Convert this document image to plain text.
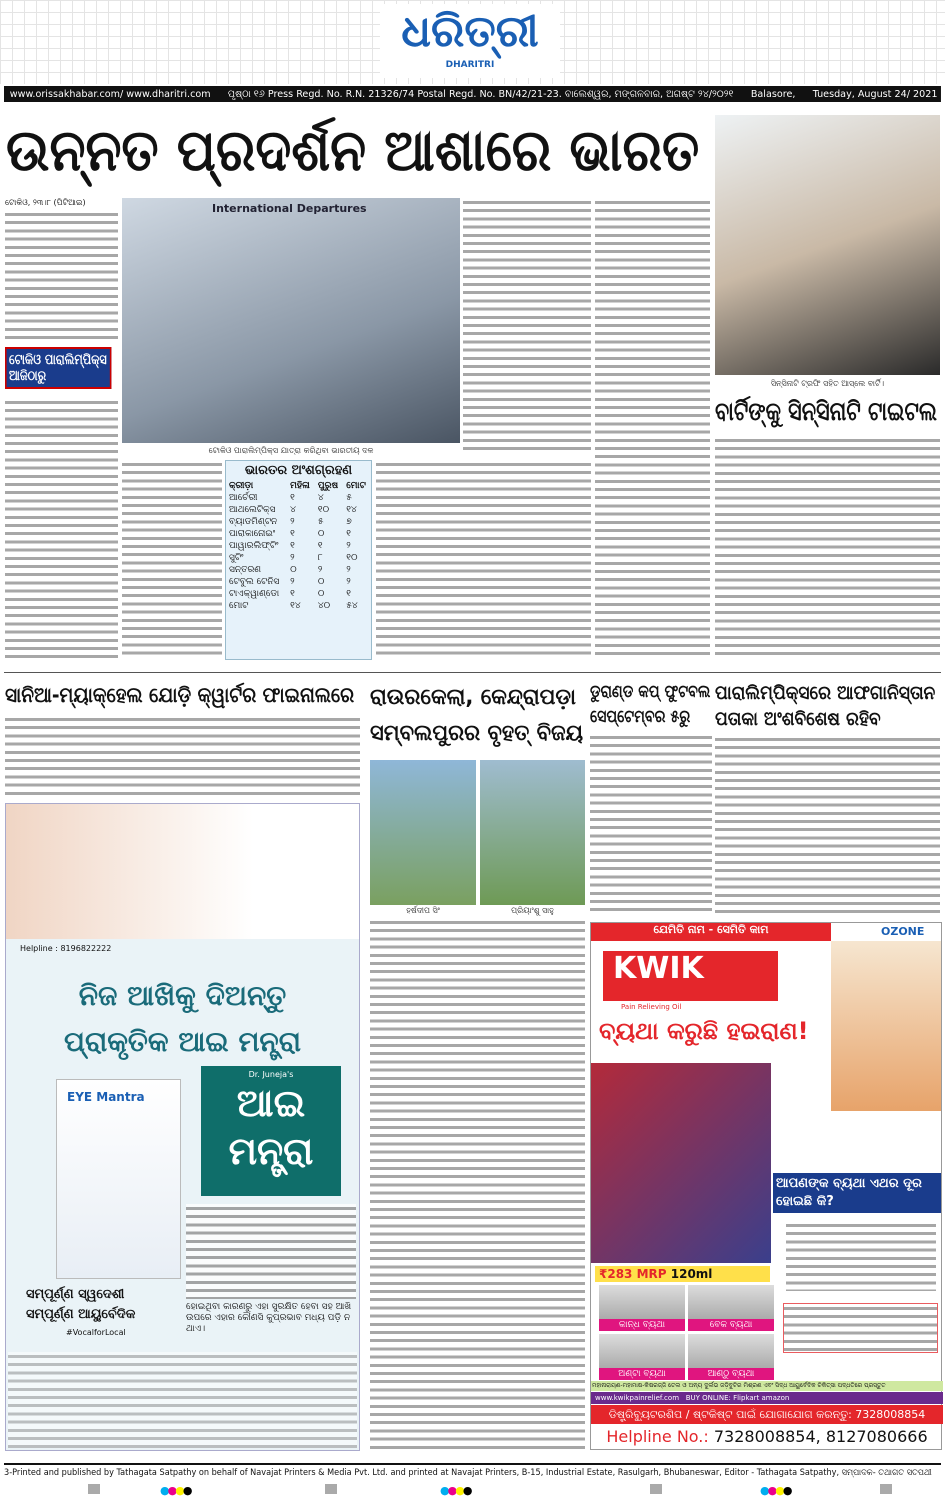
ଧରିତ୍ରୀ
DHARITRI
www.orissakhabar.com/ www.dharitri.com ପୃଷ୍ଠା ୧୬ Press Regd. No. R.N. 21326/74 Postal Regd. No. BN/42/21-23. ବାଲେଶ୍ୱର, ମଙ୍ଗଳବାର, ଅଗଷ୍ଟ ୨୪/୨୦୨୧ Balasore, Tuesday, August 24/ 2021
ଉନ୍ନତ ପ୍ରଦର୍ଶନ ଆଶାରେ ଭାରତ
ଟୋକିଓ, ୨୩।୮ (ପିଟିଆଇ)
ଟୋକିଓ ପାରାଲିମ୍ପିକ୍ସ ଆଜିଠାରୁ
International Departures
ଟୋକିଓ ପାରାଲିମ୍ପିକ୍ସ ଯାତ୍ରା କରିଥିବା ଭାରତୀୟ ଦଳ
ଭାରତର ଅଂଶଗ୍ରହଣ
କ୍ରୀଡ଼ା	ମହିଳା	ପୁରୁଷ	ମୋଟ
ଆର୍ଚେରୀ	୧	୪	୫
ଆଥଲେଟିକ୍ସ	୪	୧୦	୧୪
ବ୍ୟାଡମିଣ୍ଟନ	୨	୫	୭
ପାରାକାନୋଇଂ	୧	୦	୧
ପାୱାରଲିଫ୍ଟିଂ	୧	୧	୨
ସୁଟିଂ	୨	୮	୧୦
ସନ୍ତରଣ	୦	୨	୨
ଟେବୁଲ ଟେନିସ	୨	୦	୨
ଟାଏକ୍ୱାଣ୍ଡୋ	୧	୦	୧
ମୋଟ	୧୪	୪୦	୫୪
ସିନ୍ସିନାଟି ଟ୍ରଫି ସହିତ ଆସ୍ଲେ ବାର୍ଟି।
ବାର୍ଟିଙ୍କୁ ସିନ୍ସିନାଟି ଟାଇଟଲ
ସାନିଆ-ମ୍ୟାକ୍‌ହେଲ ଯୋଡ଼ି କ୍ୱାର୍ଟର ଫାଇନାଲରେ ରାଉରକେଲା, କେନ୍ଦ୍ରାପଡ଼ା ସମ୍ବଲପୁରର ବୃହତ୍ ବିଜୟ
ହର୍ଷଦୀପ ସିଂ	ପ୍ରିୟାଂଶୁ ସାହୁ
ଡୁରାଣ୍ଡ କପ୍ ଫୁଟବଲ ସେପ୍ଟେମ୍ବର ୫ରୁ
ପାରାଲିମ୍ପିକ୍ସରେ ଆଫଗାନିସ୍ତାନ ପତାକା ଅଂଶବିଶେଷ ରହିବ
Helpline : 8196822222
ନିଜ ଆଖିକୁ ଦିଅନ୍ତୁ
ପ୍ରାକୃତିକ ଆଇ ମନ୍ତ୍ରା
EYE Mantra
Dr. Juneja's
ଆଇ ମନ୍ତ୍ରା
ସମ୍ପୂର୍ଣ୍ଣ ସ୍ୱଦେଶୀ
ସମ୍ପୂର୍ଣ୍ଣ ଆୟୁର୍ବେଦିକ
#VocalforLocal
ହୋଇଥିବା କାରଣରୁ ଏହା ସୁରକ୍ଷିତ ହେବା ସହ ଆଖି ଉପରେ ଏହାର କୌଣସି କୁପ୍ରଭାବ ମଧ୍ୟ ପଡ଼ି ନ ଥାଏ।
ଯେମିତି ନାମ - ସେମିତି କାମ	OZONE
KWIK
Pain Relieving Oil
ବ୍ୟଥା କରୁଛି ହଇରାଣ!
₹283 MRP 120ml
ଆପଣଙ୍କ ବ୍ୟଥା ଏଥର ଦୂର ହୋଇଛି କି?
କାନ୍ଧ ବ୍ୟଥା	ବେକ ବ୍ୟଥା
ଅଣ୍ଟା ବ୍ୟଥା	ଆଣ୍ଠୁ ବ୍ୟଥା
ମହାନାରାୟଣ-ମହାମାଷ-କିଷରଜ୍ଜି ତେଲ ଓ ଅନ୍ୟ ଦୁର୍ଲଭ ଜଡ଼ିବୁଟିର ମିଶ୍ରଣ ଏବଂ ସିଦ୍ଧ ଆୟୁର୍ବେଦିକ ଚିକିତ୍ସା ପଦ୍ଧତିରେ ପ୍ରସ୍ତୁତ
www.kwikpainrelief.com BUY ONLINE: Flipkart amazon
ଡିଷ୍ଟ୍ରିବ୍ୟୁଟରଶିପ / ଷ୍ଟକିଷ୍ଟ ପାଇଁ ଯୋଗାଯୋଗ କରନ୍ତୁ: 7328008854
Helpline No.: 7328008854, 8127080666
3-Printed and published by Tathagata Satpathy on behalf of Navajat Printers & Media Pvt. Ltd. and printed at Navajat Printers, B-15, Industrial Estate, Rasulgarh, Bhubaneswar, Editor - Tathagata Satpathy, ସମ୍ପାଦକ- ତଥାଗତ ସତପଥୀ
●●●●	●●●●	●●●●
